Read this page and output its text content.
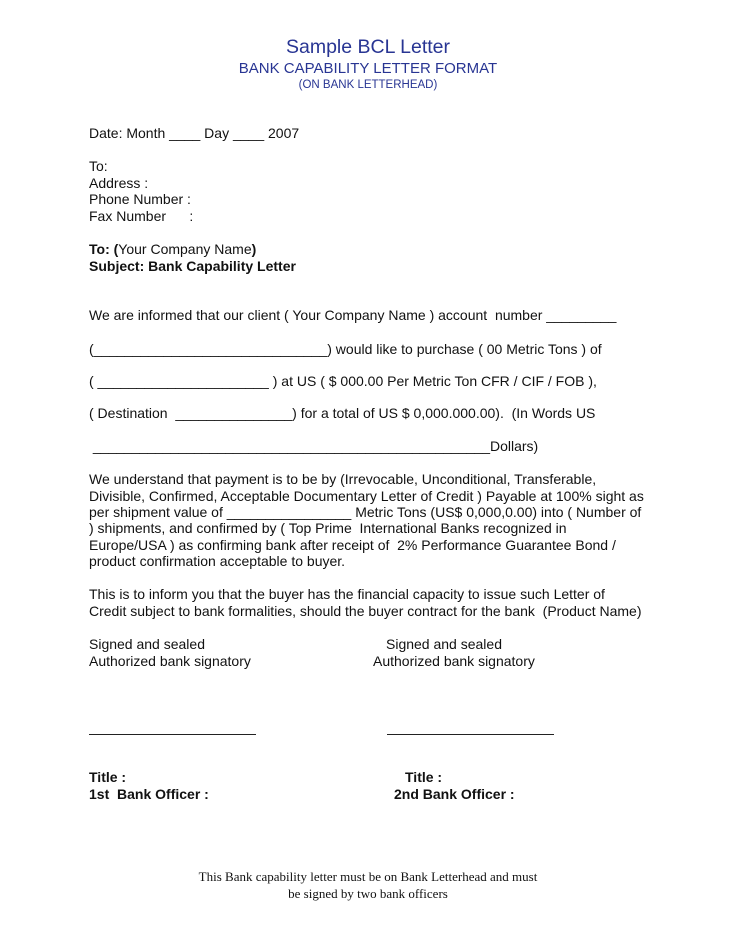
Sample BCL Letter
BANK CAPABILITY LETTER FORMAT
(ON BANK LETTERHEAD)
Date: Month ____ Day ____ 2007
To:
Address :
Phone Number :
Fax Number      :
To: (Your Company Name)
Subject: Bank Capability Letter
We are informed that our client ( Your Company Name ) account  number _________
(______________________________) would like to purchase ( 00 Metric Tons ) of
( ______________________ ) at US ( $ 000.00 Per Metric Ton CFR / CIF / FOB ),
( Destination  _______________) for a total of US $ 0,000.000.00).  (In Words US
___________________________________________________Dollars)
We understand that payment is to be by (Irrevocable, Unconditional, Transferable,
Divisible, Confirmed, Acceptable Documentary Letter of Credit ) Payable at 100% sight as
per shipment value of ________________ Metric Tons (US$ 0,000,0.00) into ( Number of
) shipments, and confirmed by ( Top Prime  International Banks recognized in
Europe/USA ) as confirming bank after receipt of  2% Performance Guarantee Bond /
product confirmation acceptable to buyer.
This is to inform you that the buyer has the financial capacity to issue such Letter of
Credit subject to bank formalities, should the buyer contract for the bank  (Product Name)
Signed and sealed
Authorized bank signatory
Signed and sealed
Authorized bank signatory
Title :
1st  Bank Officer :
Title :
2nd Bank Officer :
This Bank capability letter must be on Bank Letterhead and must
be signed by two bank officers
